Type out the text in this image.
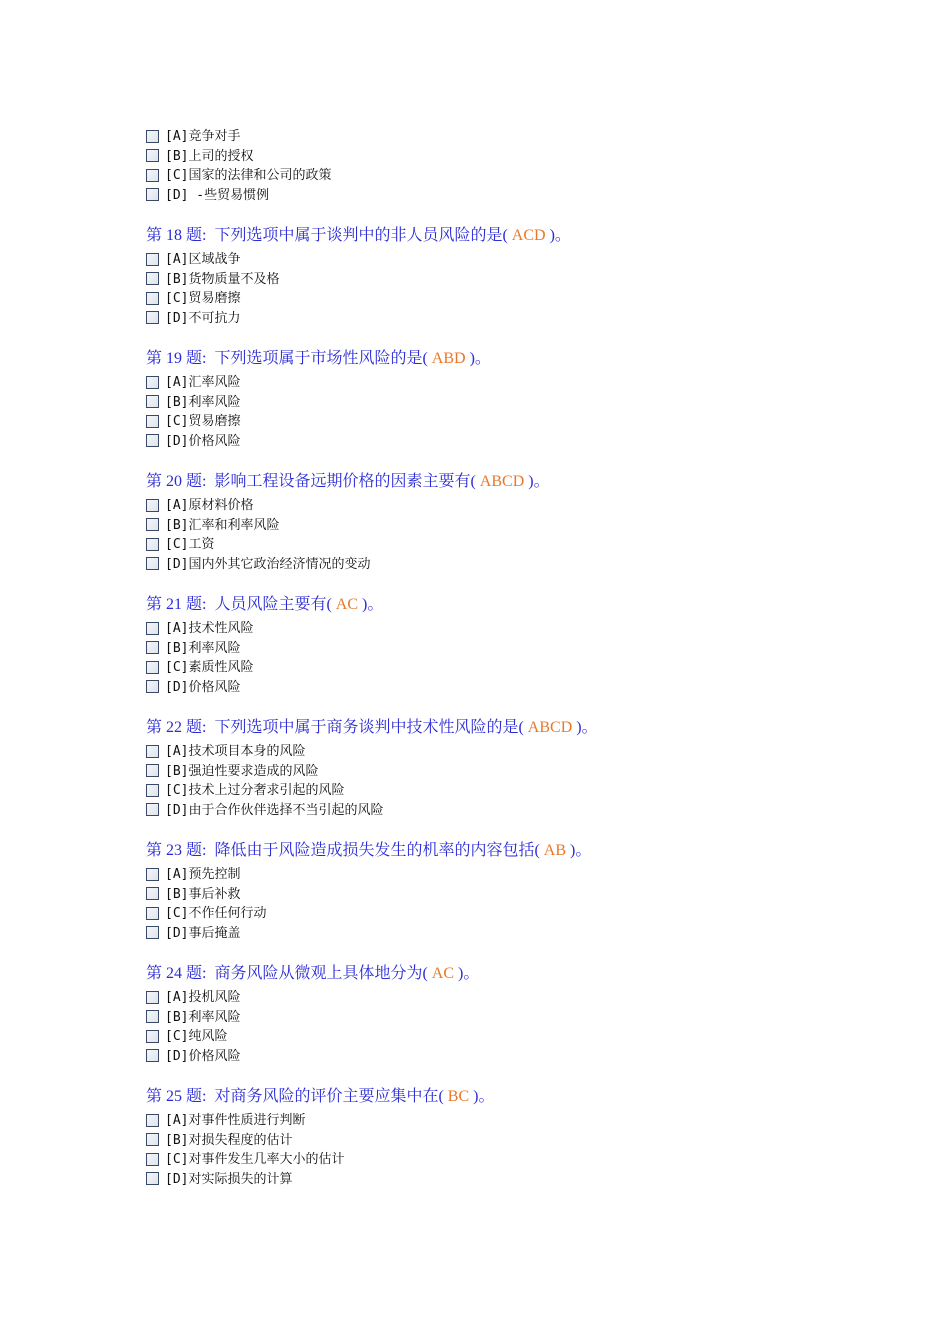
[A]竞争对手
[B]上司的授权
[C]国家的法律和公司的政策
[D] -些贸易惯例
第 18 题: 下列选项中属于谈判中的非人员风险的是( ACD )。
[A]区域战争
[B]货物质量不及格
[C]贸易磨擦
[D]不可抗力
第 19 题: 下列选项属于市场性风险的是( ABD )。
[A]汇率风险
[B]利率风险
[C]贸易磨擦
[D]价格风险
第 20 题: 影响工程设备远期价格的因素主要有( ABCD )。
[A]原材料价格
[B]汇率和利率风险
[C]工资
[D]国内外其它政治经济情况的变动
第 21 题: 人员风险主要有( AC )。
[A]技术性风险
[B]利率风险
[C]素质性风险
[D]价格风险
第 22 题: 下列选项中属于商务谈判中技术性风险的是( ABCD )。
[A]技术项目本身的风险
[B]强迫性要求造成的风险
[C]技术上过分奢求引起的风险
[D]由于合作伙伴选择不当引起的风险
第 23 题: 降低由于风险造成损失发生的机率的内容包括( AB )。
[A]预先控制
[B]事后补救
[C]不作任何行动
[D]事后掩盖
第 24 题: 商务风险从微观上具体地分为( AC )。
[A]投机风险
[B]利率风险
[C]纯风险
[D]价格风险
第 25 题: 对商务风险的评价主要应集中在( BC )。
[A]对事件性质进行判断
[B]对损失程度的估计
[C]对事件发生几率大小的估计
[D]对实际损失的计算
